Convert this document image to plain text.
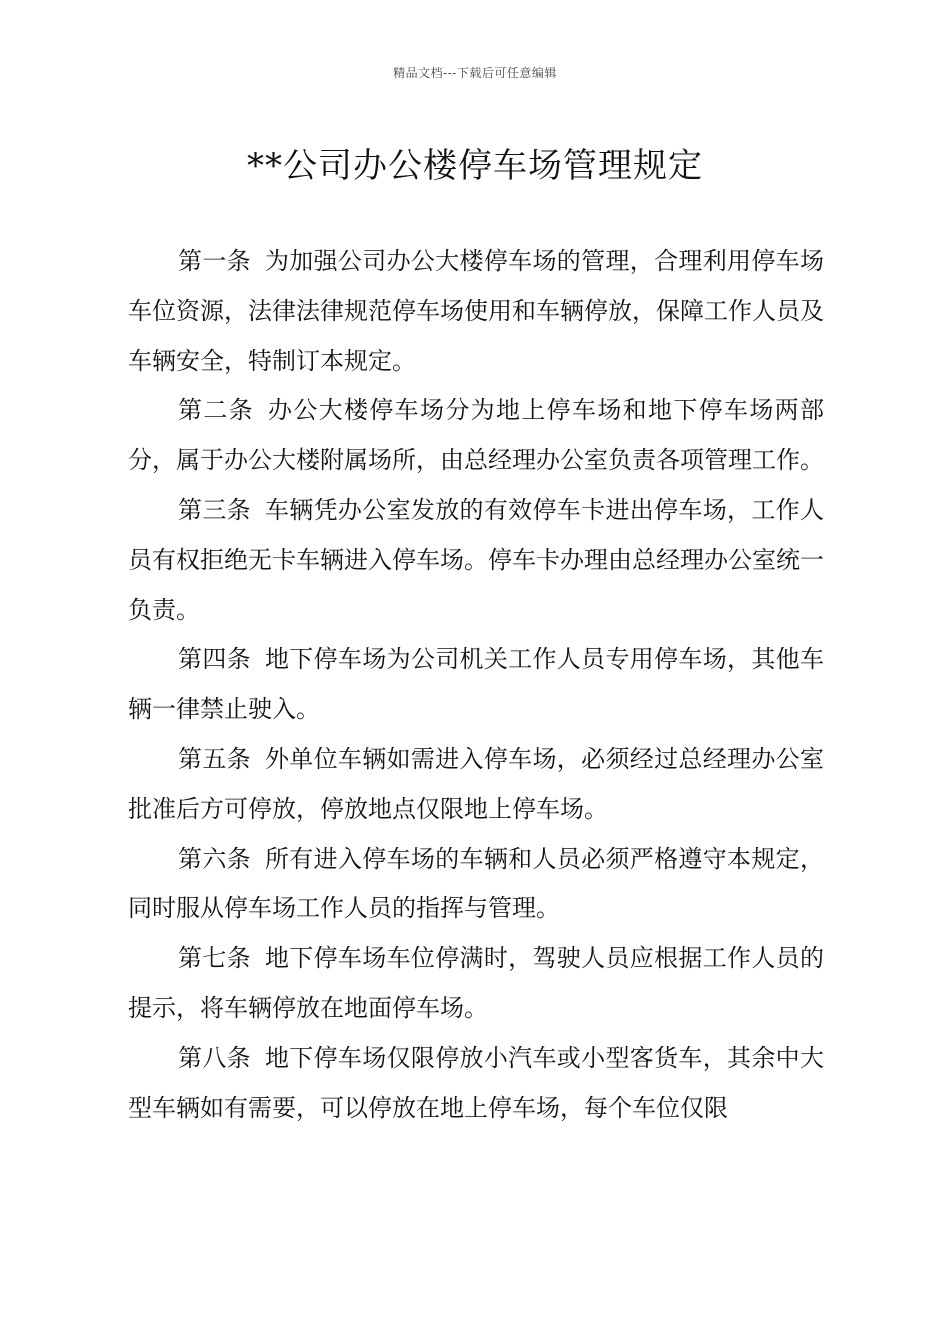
精品文档---下载后可任意编辑
**公司办公楼停车场管理规定

第一条 为加强公司办公大楼停车场的管理，合理利用停车场车位资源，法律法律规范停车场使用和车辆停放，保障工作人员及车辆安全，特制订本规定。

第二条 办公大楼停车场分为地上停车场和地下停车场两部分，属于办公大楼附属场所，由总经理办公室负责各项管理工作。

第三条 车辆凭办公室发放的有效停车卡进出停车场，工作人员有权拒绝无卡车辆进入停车场。停车卡办理由总经理办公室统一负责。

第四条 地下停车场为公司机关工作人员专用停车场，其他车辆一律禁止驶入。

第五条 外单位车辆如需进入停车场，必须经过总经理办公室批准后方可停放，停放地点仅限地上停车场。

第六条 所有进入停车场的车辆和人员必须严格遵守本规定，同时服从停车场工作人员的指挥与管理。

第七条 地下停车场车位停满时，驾驶人员应根据工作人员的提示，将车辆停放在地面停车场。

第八条 地下停车场仅限停放小汽车或小型客货车，其余中大型车辆如有需要，可以停放在地上停车场，每个车位仅限
